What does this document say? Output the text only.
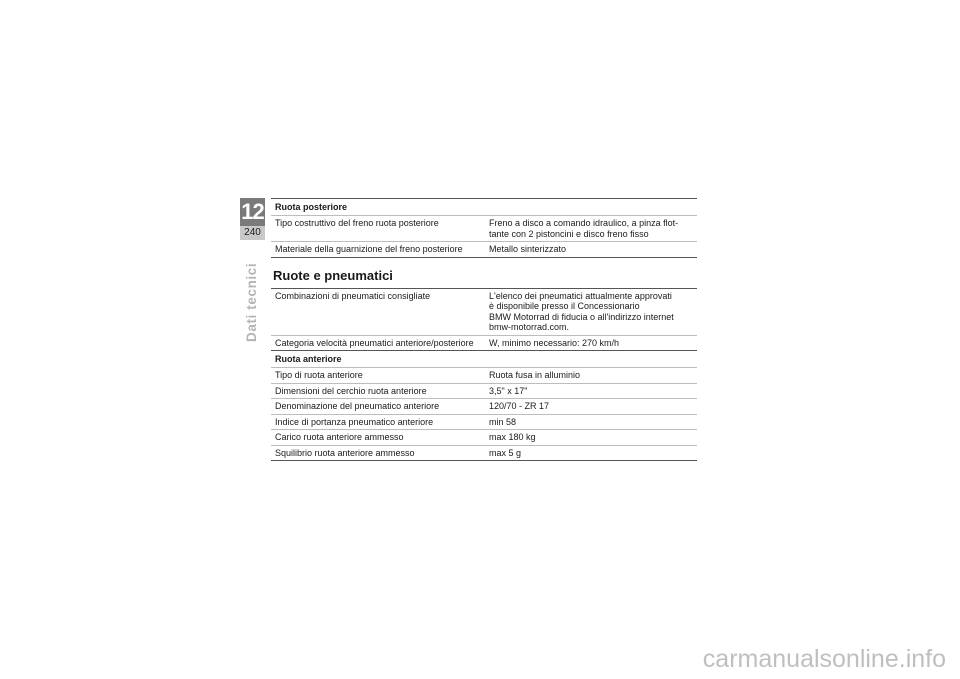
12
240
Dati tecnici
Ruota posteriore
Tipo costruttivo del freno ruota posteriore	Freno a disco a comando idraulico, a pinza flot-
tante con 2 pistoncini e disco freno fisso
Materiale della guarnizione del freno posteriore	Metallo sinterizzato
Ruote e pneumatici
Combinazioni di pneumatici consigliate	L'elenco dei pneumatici attualmente approvati
è disponibile presso il Concessionario
BMW Motorrad di fiducia o all'indirizzo internet
bmw-motorrad.com.
Categoria velocità pneumatici anteriore/posteriore	W, minimo necessario: 270 km/h
Ruota anteriore
Tipo di ruota anteriore	Ruota fusa in alluminio
Dimensioni del cerchio ruota anteriore	3,5" x 17"
Denominazione del pneumatico anteriore	120/70 - ZR 17
Indice di portanza pneumatico anteriore	min 58
Carico ruota anteriore ammesso	max 180 kg
Squilibrio ruota anteriore ammesso	max 5 g
carmanualsonline.info
